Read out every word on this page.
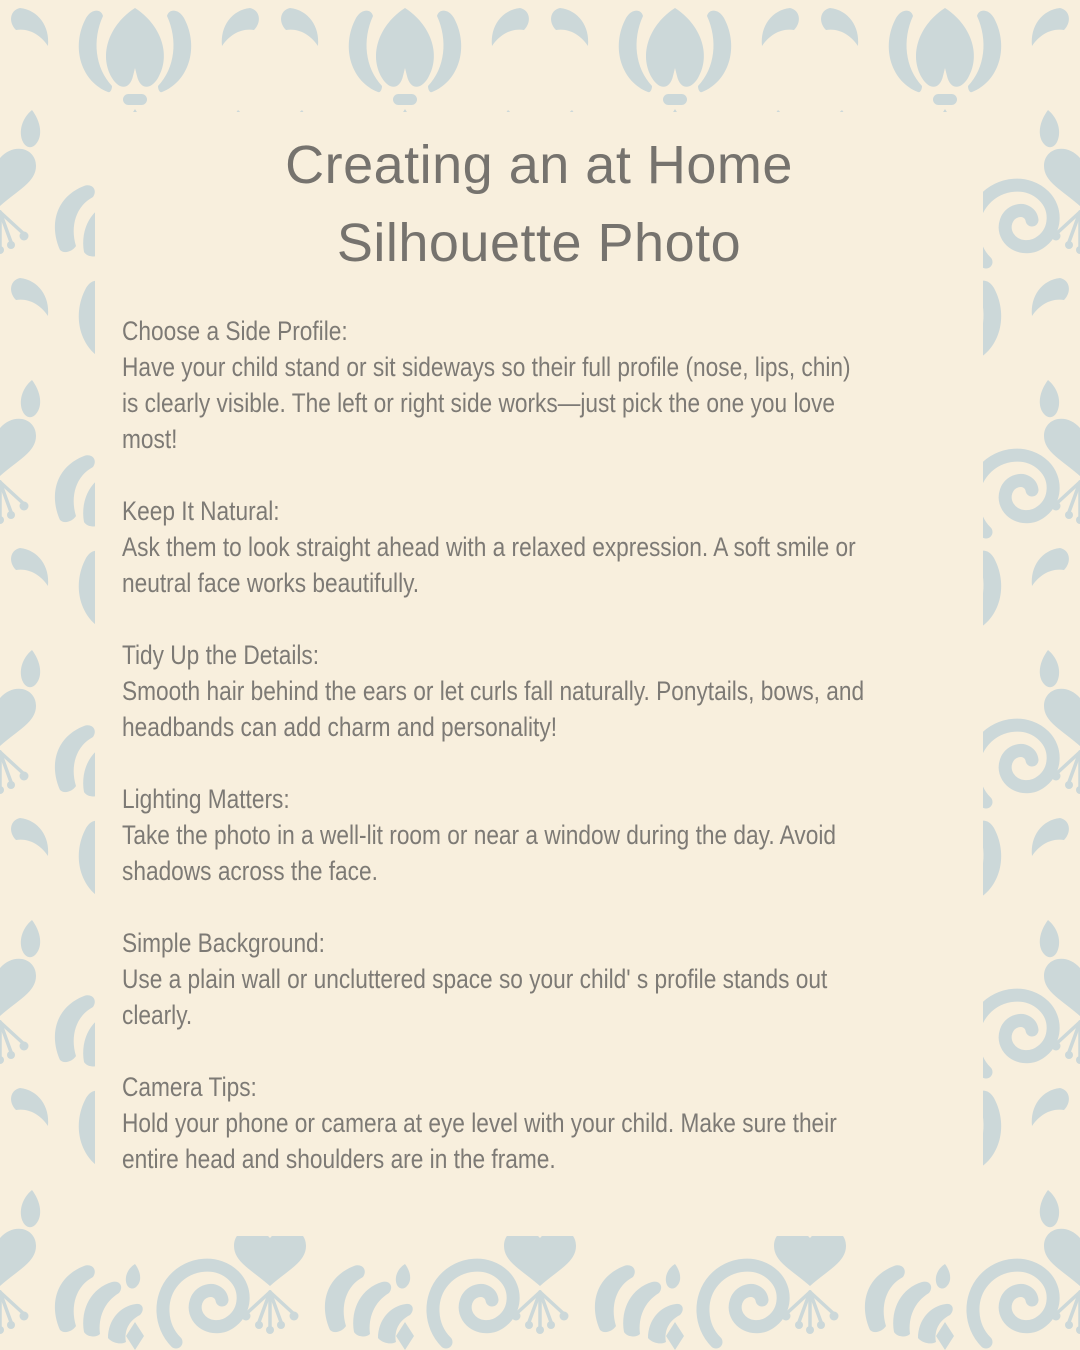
Creating an at Home
Silhouette Photo
Choose a Side Profile:
Have your child stand or sit sideways so their full profile (nose, lips, chin)
is clearly visible. The left or right side works—just pick the one you love
most!
Keep It Natural:
Ask them to look straight ahead with a relaxed expression. A soft smile or
neutral face works beautifully.
Tidy Up the Details:
Smooth hair behind the ears or let curls fall naturally. Ponytails, bows, and
headbands can add charm and personality!
Lighting Matters:
Take the photo in a well-lit room or near a window during the day. Avoid
shadows across the face.
Simple Background:
Use a plain wall or uncluttered space so your child' s profile stands out
clearly.
Camera Tips:
Hold your phone or camera at eye level with your child. Make sure their
entire head and shoulders are in the frame.
